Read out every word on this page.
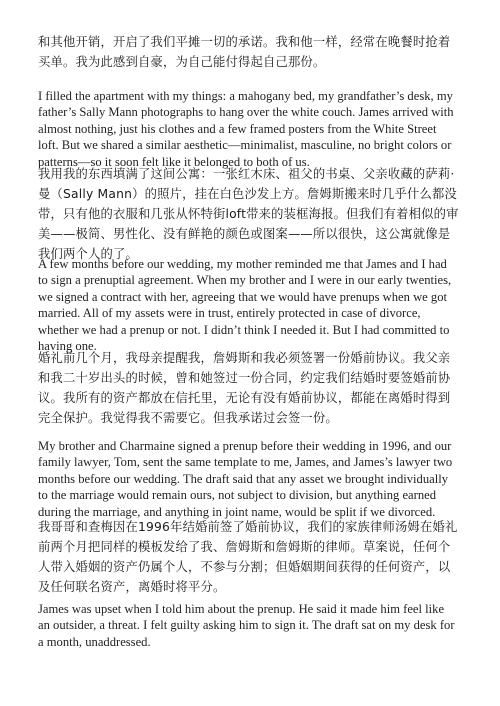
和其他开销，开启了我们平摊一切的承诺。我和他一样，经常在晚餐时抢着
买单。我为此感到自豪，为自己能付得起自己那份。

I filled the apartment with my things: a mahogany bed, my grandfather’s desk, my
father’s Sally Mann photographs to hang over the white couch. James arrived with
almost nothing, just his clothes and a few framed posters from the White Street
loft. But we shared a similar aesthetic—minimalist, masculine, no bright colors or
patterns—so it soon felt like it belonged to both of us.

我用我的东西填满了这间公寓：一张红木床、祖父的书桌、父亲收藏的萨莉·
曼（Sally Mann）的照片，挂在白色沙发上方。詹姆斯搬来时几乎什么都没
带，只有他的衣服和几张从怀特街loft带来的装框海报。但我们有着相似的审
美——极简、男性化、没有鲜艳的颜色或图案——所以很快，这公寓就像是
我们两个人的了。

A few months before our wedding, my mother reminded me that James and I had
to sign a prenuptial agreement. When my brother and I were in our early twenties,
we signed a contract with her, agreeing that we would have prenups when we got
married. All of my assets were in trust, entirely protected in case of divorce,
whether we had a prenup or not. I didn’t think I needed it. But I had committed to
having one.

婚礼前几个月，我母亲提醒我，詹姆斯和我必须签署一份婚前协议。我父亲
和我二十岁出头的时候，曾和她签过一份合同，约定我们结婚时要签婚前协
议。我所有的资产都放在信托里，无论有没有婚前协议，都能在离婚时得到
完全保护。我觉得我不需要它。但我承诺过会签一份。

My brother and Charmaine signed a prenup before their wedding in 1996, and our
family lawyer, Tom, sent the same template to me, James, and James’s lawyer two
months before our wedding. The draft said that any asset we brought individually
to the marriage would remain ours, not subject to division, but anything earned
during the marriage, and anything in joint name, would be split if we divorced.

我哥哥和查梅因在1996年结婚前签了婚前协议，我们的家族律师汤姆在婚礼
前两个月把同样的模板发给了我、詹姆斯和詹姆斯的律师。草案说，任何个
人带入婚姻的资产仍属个人，不参与分割；但婚姻期间获得的任何资产，以
及任何联名资产，离婚时将平分。

James was upset when I told him about the prenup. He said it made him feel like
an outsider, a threat. I felt guilty asking him to sign it. The draft sat on my desk for
a month, unaddressed.
